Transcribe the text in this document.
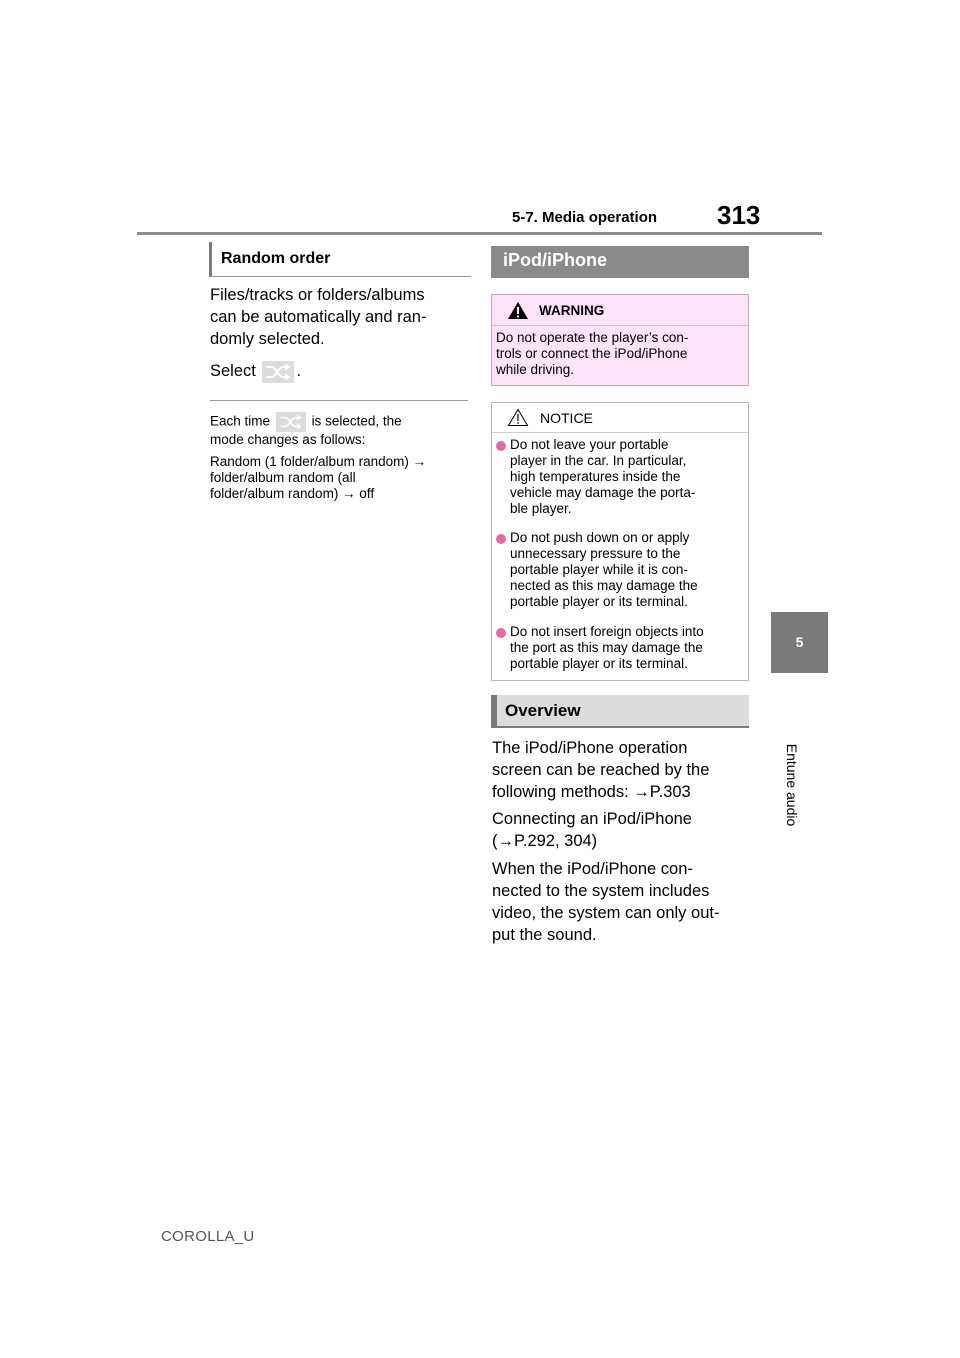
5-7. Media operation 313
5
Entune audio
Random order
Files/tracks or folders/albums
can be automatically and ran-
domly selected.
Select .
Each time	is selected, the
mode changes as follows:
Random (1 folder/album random) →
folder/album random (all
folder/album random) → off
iPod/iPhone
WARNING
Do not operate the player’s con-
trols or connect the iPod/iPhone
while driving.
NOTICE
Do not leave your portable
player in the car. In particular,
high temperatures inside the
vehicle may damage the porta-
ble player.
Do not push down on or apply
unnecessary pressure to the
portable player while it is con-
nected as this may damage the
portable player or its terminal.
Do not insert foreign objects into
the port as this may damage the
portable player or its terminal.
Overview
The iPod/iPhone operation
screen can be reached by the
following methods: →P.303
Connecting an iPod/iPhone
(→P.292, 304)
When the iPod/iPhone con-
nected to the system includes
video, the system can only out-
put the sound.
COROLLA_U
